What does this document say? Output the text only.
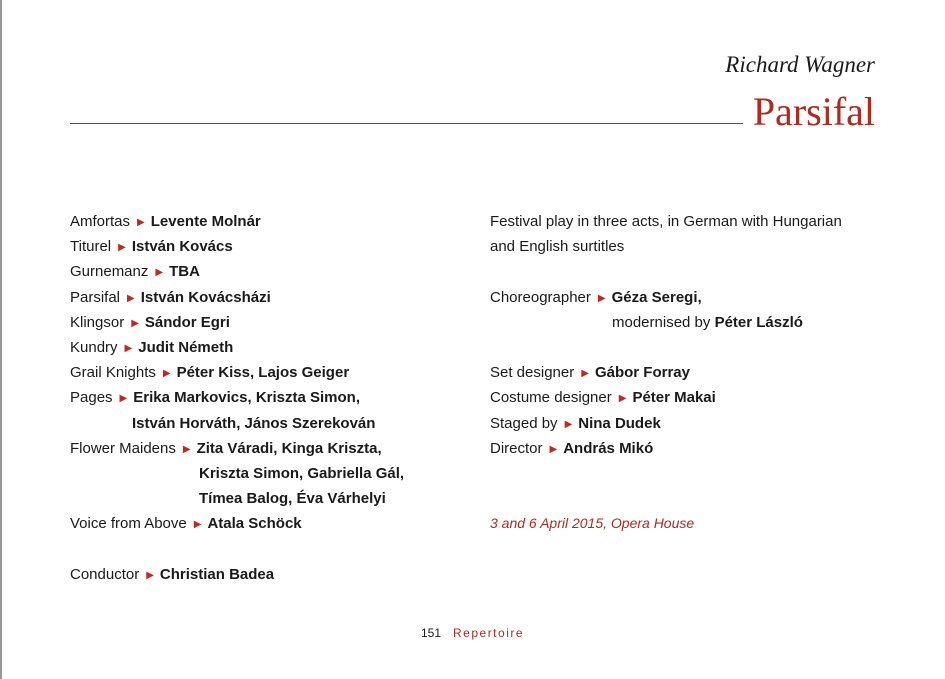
Richard Wagner
Parsifal
Amfortas ▶ Levente Molnár
Titurel ▶ István Kovács
Gurnemanz ▶ TBA
Parsifal ▶ István Kovácsházi
Klingsor ▶ Sándor Egri
Kundry ▶ Judit Németh
Grail Knights ▶ Péter Kiss, Lajos Geiger
Pages ▶ Erika Markovics, Kriszta Simon,
István Horváth, János Szerekován
Flower Maidens ▶ Zita Váradi, Kinga Kriszta,
Kriszta Simon, Gabriella Gál,
Tímea Balog, Éva Várhelyi
Voice from Above ▶ Atala Schöck
Conductor ▶ Christian Badea
Festival play in three acts, in German with Hungarian
and English surtitles
Choreographer ▶ Géza Seregi,
modernised by Péter László
Set designer ▶ Gábor Forray
Costume designer ▶ Péter Makai
Staged by ▶ Nina Dudek
Director ▶ András Mikó
3 and 6 April 2015, Opera House
151 Repertoire
